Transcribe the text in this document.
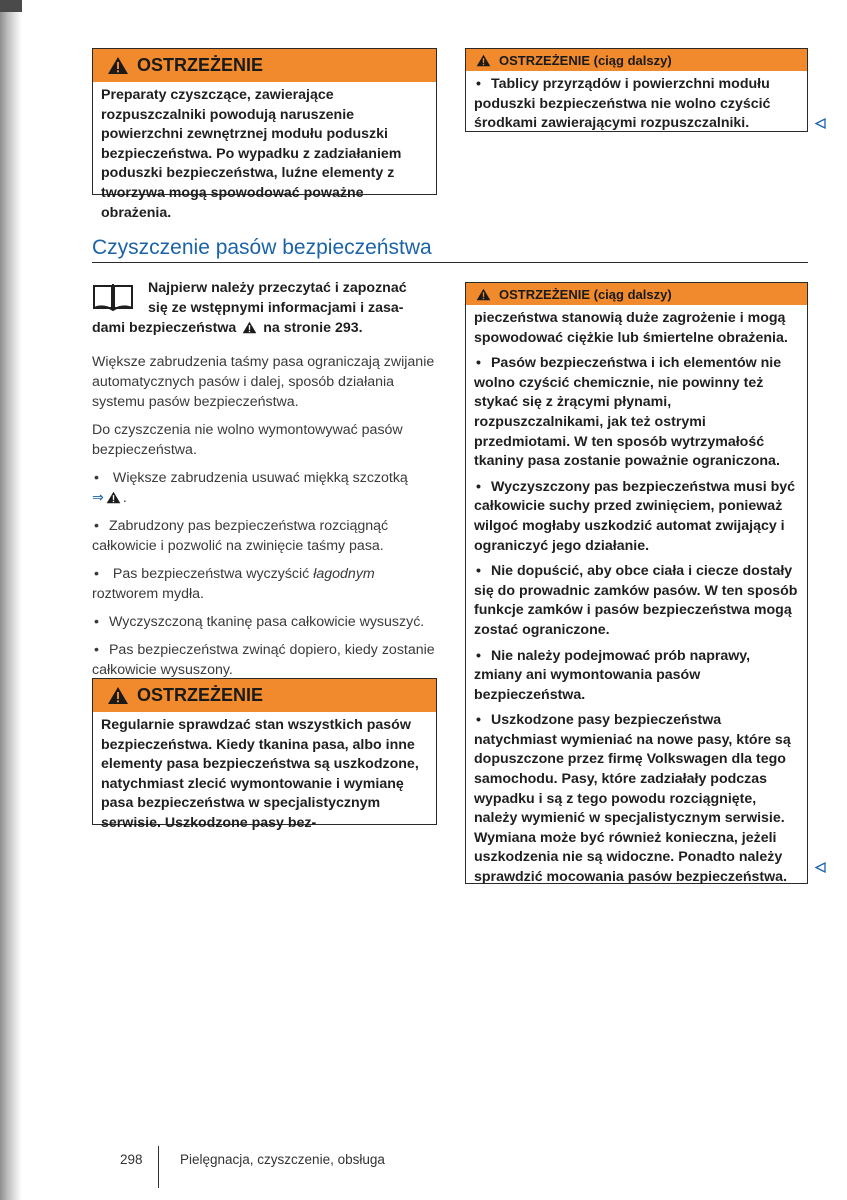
OSTRZEŻENIE

Preparaty czyszczące, zawierające rozpuszczalniki powodują naruszenie powierzchni zewnętrznej modułu poduszki bezpieczeństwa. Po wypadku z zadziałaniem poduszki bezpieczeństwa, luźne elementy z tworzywa mogą spowodować poważne obrażenia.

OSTRZEŻENIE (ciąg dalszy)

• Tablicy przyrządów i powierzchni modułu poduszki bezpieczeństwa nie wolno czyścić środkami zawierającymi rozpuszczalniki.

Czyszczenie pasów bezpieczeństwa

Najpierw należy przeczytać i zapoznać
się ze wstępnymi informacjami i zasa-
dami bezpieczeństwa na stronie 293.

Większe zabrudzenia taśmy pasa ograniczają zwijanie automatycznych pasów i dalej, sposób działania systemu pasów bezpieczeństwa.

Do czyszczenia nie wolno wymontowywać pasów bezpieczeństwa.

• Większe zabrudzenia usuwać miękką szczotką
⇒ .

• Zabrudzony pas bezpieczeństwa rozciągnąć całkowicie i pozwolić na zwinięcie taśmy pasa.

• Pas bezpieczeństwa wyczyścić łagodnym roztworem mydła.

• Wyczyszczoną tkaninę pasa całkowicie wysuszyć.

• Pas bezpieczeństwa zwinąć dopiero, kiedy zostanie całkowicie wysuszony.

OSTRZEŻENIE

Regularnie sprawdzać stan wszystkich pasów bezpieczeństwa. Kiedy tkanina pasa, albo inne elementy pasa bezpieczeństwa są uszkodzone, natychmiast zlecić wymontowanie i wymianę pasa bezpieczeństwa w specjalistycznym serwisie. Uszkodzone pasy bez-

OSTRZEŻENIE (ciąg dalszy)

pieczeństwa stanowią duże zagrożenie i mogą spowodować ciężkie lub śmiertelne obrażenia.

• Pasów bezpieczeństwa i ich elementów nie wolno czyścić chemicznie, nie powinny też stykać się z żrącymi płynami, rozpuszczalnikami, jak też ostrymi przedmiotami. W ten sposób wytrzymałość tkaniny pasa zostanie poważnie ograniczona.

• Wyczyszczony pas bezpieczeństwa musi być całkowicie suchy przed zwinięciem, ponieważ wilgoć mogłaby uszkodzić automat zwijający i ograniczyć jego działanie.

• Nie dopuścić, aby obce ciała i ciecze dostały się do prowadnic zamków pasów. W ten sposób funkcje zamków i pasów bezpieczeństwa mogą zostać ograniczone.

• Nie należy podejmować prób naprawy, zmiany ani wymontowania pasów bezpieczeństwa.

• Uszkodzone pasy bezpieczeństwa natychmiast wymieniać na nowe pasy, które są dopuszczone przez firmę Volkswagen dla tego samochodu. Pasy, które zadziałały podczas wypadku i są z tego powodu rozciągnięte, należy wymienić w specjalistycznym serwisie. Wymiana może być również konieczna, jeżeli uszkodzenia nie są widoczne. Ponadto należy sprawdzić mocowania pasów bezpieczeństwa.

298	Pielęgnacja, czyszczenie, obsługa
